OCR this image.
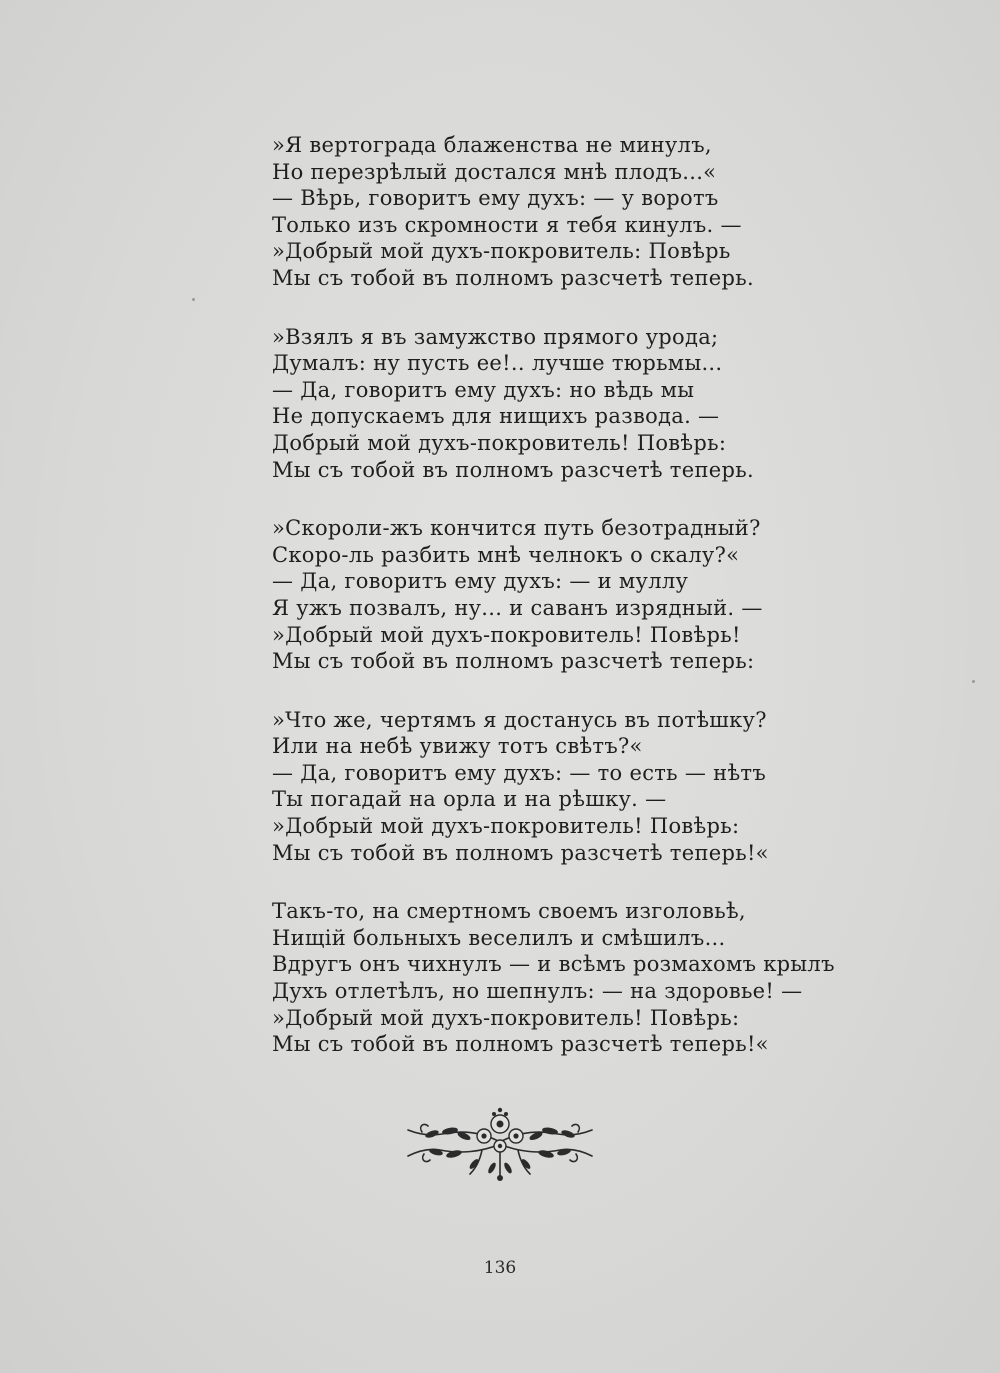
»Я вертограда блаженства не минулъ,
Но перезрѣлый достался мнѣ плодъ...«
— Вѣрь, говоритъ ему духъ: — у воротъ
Только изъ скромности я тебя кинулъ. —
»Добрый мой духъ-покровитель: Повѣрь
Мы съ тобой въ полномъ разсчетѣ теперь.
»Взялъ я въ замужство прямого урода;
Думалъ: ну пусть ее!.. лучше тюрьмы...
— Да, говоритъ ему духъ: но вѣдь мы
Не допускаемъ для нищихъ развода. —
Добрый мой духъ-покровитель! Повѣрь:
Мы съ тобой въ полномъ разсчетѣ теперь.
»Скороли-жъ кончится путь безотрадный?
Скоро-ль разбить мнѣ челнокъ о скалу?«
— Да, говоритъ ему духъ: — и муллу
Я ужъ позвалъ, ну... и саванъ изрядный. —
»Добрый мой духъ-покровитель! Повѣрь!
Мы съ тобой въ полномъ разсчетѣ теперь:
»Что же, чертямъ я достанусь въ потѣшку?
Или на небѣ увижу тотъ свѣтъ?«
— Да, говоритъ ему духъ: — то есть — нѣтъ
Ты погадай на орла и на рѣшку. —
»Добрый мой духъ-покровитель! Повѣрь:
Мы съ тобой въ полномъ разсчетѣ теперь!«
Такъ-то, на смертномъ своемъ изголовьѣ,
Нищій больныхъ веселилъ и смѣшилъ...
Вдругъ онъ чихнулъ — и всѣмъ розмахомъ крылъ
Духъ отлетѣлъ, но шепнулъ: — на здоровье! —
»Добрый мой духъ-покровитель! Повѣрь:
Мы съ тобой въ полномъ разсчетѣ теперь!«
136
